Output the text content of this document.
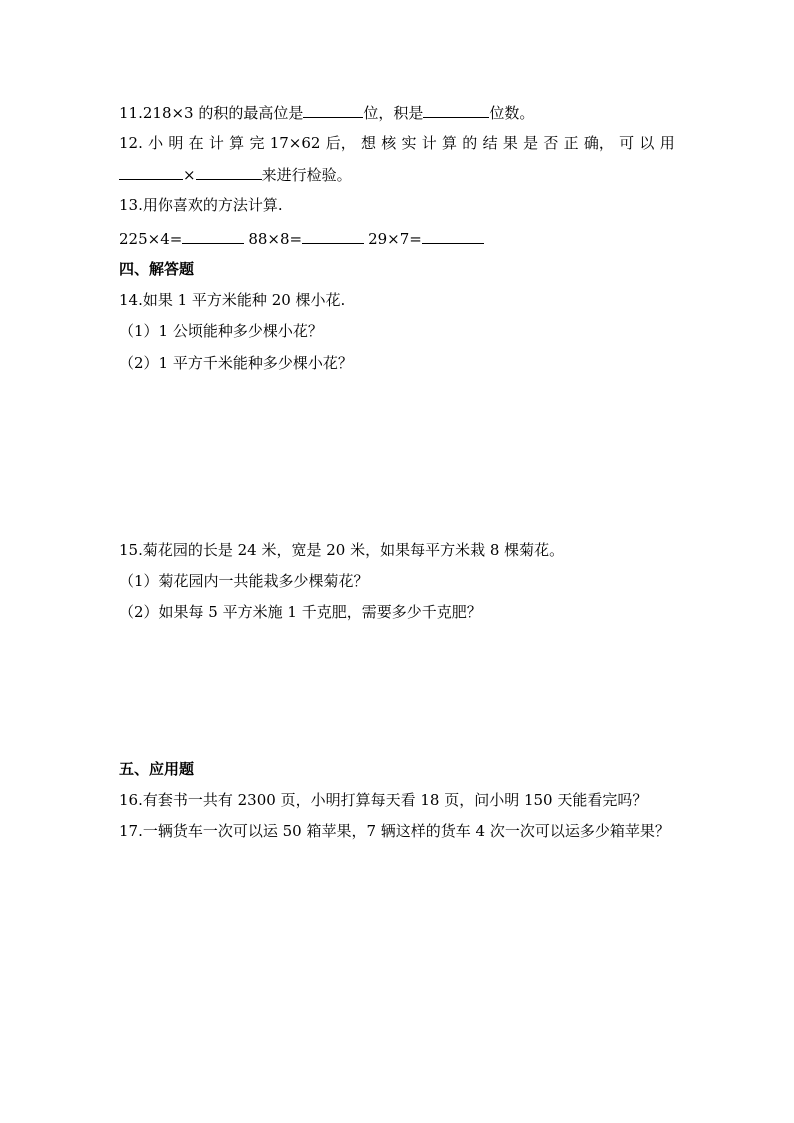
11.218×3 的积的最高位是	位，积是	位数。
12. 小 明 在 计 算 完 17×62 后， 想 核 实 计 算 的 结 果 是 否 正 确， 可 以 用
×	来进行检验。
13.用你喜欢的方法计算.
225×4=	88×8=	29×7=
四、解答题
14.如果 1 平方米能种 20 棵小花.
（1）1 公顷能种多少棵小花？
（2）1 平方千米能种多少棵小花？
15.菊花园的长是 24 米，宽是 20 米，如果每平方米栽 8 棵菊花。
（1）菊花园内一共能栽多少棵菊花？
（2）如果每 5 平方米施 1 千克肥，需要多少千克肥？
五、应用题
16.有套书一共有 2300 页，小明打算每天看 18 页，问小明 150 天能看完吗？
17.一辆货车一次可以运 50 箱苹果，7 辆这样的货车 4 次一次可以运多少箱苹果？
